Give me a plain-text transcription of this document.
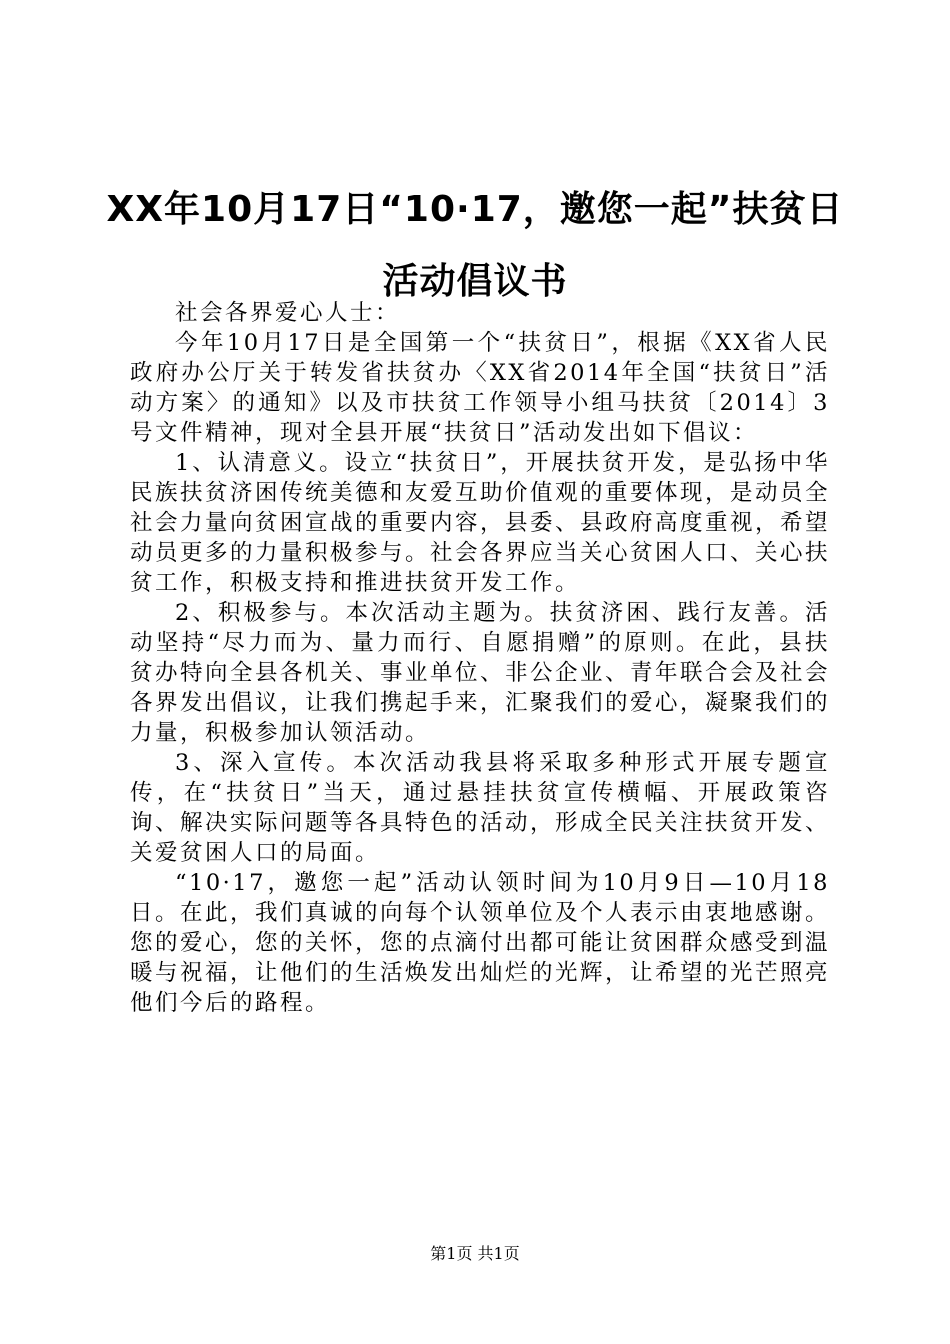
XX年10月17日“10·17，邀您一起”扶贫日
活动倡议书

社会各界爱心人士：

今年10月17日是全国第一个“扶贫日”，根据《XX省人民政府办公厅关于转发省扶贫办〈XX省2014年全国“扶贫日”活动方案〉的通知》以及市扶贫工作领导小组马扶贫〔2014〕3号文件精神，现对全县开展“扶贫日”活动发出如下倡议：

1、认清意义。设立“扶贫日”，开展扶贫开发，是弘扬中华民族扶贫济困传统美德和友爱互助价值观的重要体现，是动员全社会力量向贫困宣战的重要内容，县委、县政府高度重视，希望动员更多的力量积极参与。社会各界应当关心贫困人口、关心扶贫工作，积极支持和推进扶贫开发工作。

2、积极参与。本次活动主题为。扶贫济困、践行友善。活动坚持“尽力而为、量力而行、自愿捐赠”的原则。在此，县扶贫办特向全县各机关、事业单位、非公企业、青年联合会及社会各界发出倡议，让我们携起手来，汇聚我们的爱心，凝聚我们的力量，积极参加认领活动。

3、深入宣传。本次活动我县将采取多种形式开展专题宣传，在“扶贫日”当天，通过悬挂扶贫宣传横幅、开展政策咨询、解决实际问题等各具特色的活动，形成全民关注扶贫开发、关爱贫困人口的局面。

“10·17，邀您一起”活动认领时间为10月9日—10月18日。在此，我们真诚的向每个认领单位及个人表示由衷地感谢。您的爱心，您的关怀，您的点滴付出都可能让贫困群众感受到温暖与祝福，让他们的生活焕发出灿烂的光辉，让希望的光芒照亮他们今后的路程。

第1页 共1页
